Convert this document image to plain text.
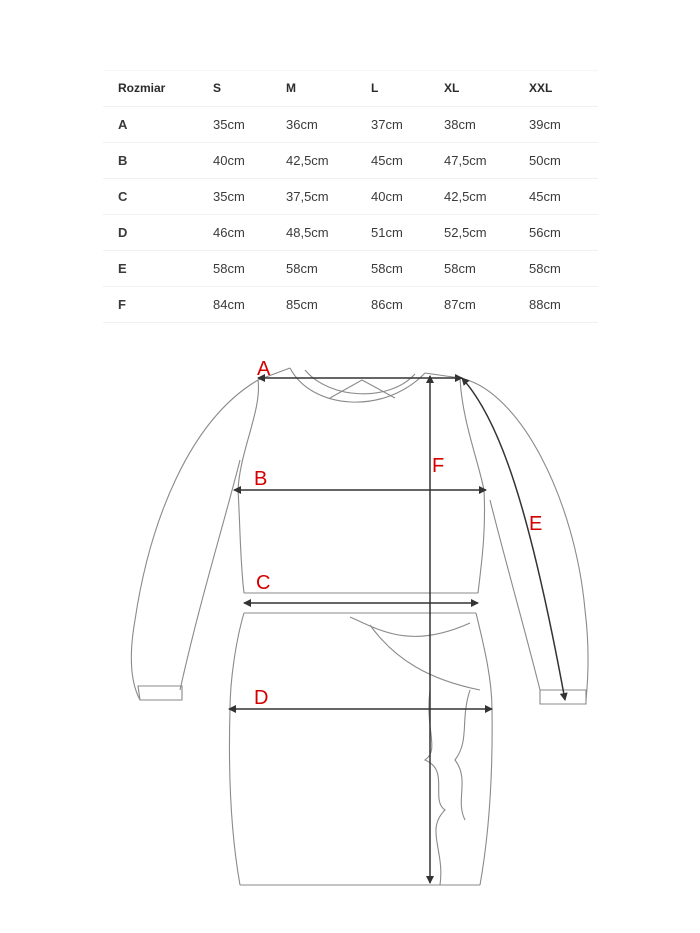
Rozmiar	S	M	L	XL	XXL
A	35cm	36cm	37cm	38cm	39cm
B	40cm	42,5cm	45cm	47,5cm	50cm
C	35cm	37,5cm	40cm	42,5cm	45cm
D	46cm	48,5cm	51cm	52,5cm	56cm
E	58cm	58cm	58cm	58cm	58cm
F	84cm	85cm	86cm	87cm	88cm
A
B
C
D
E
F
